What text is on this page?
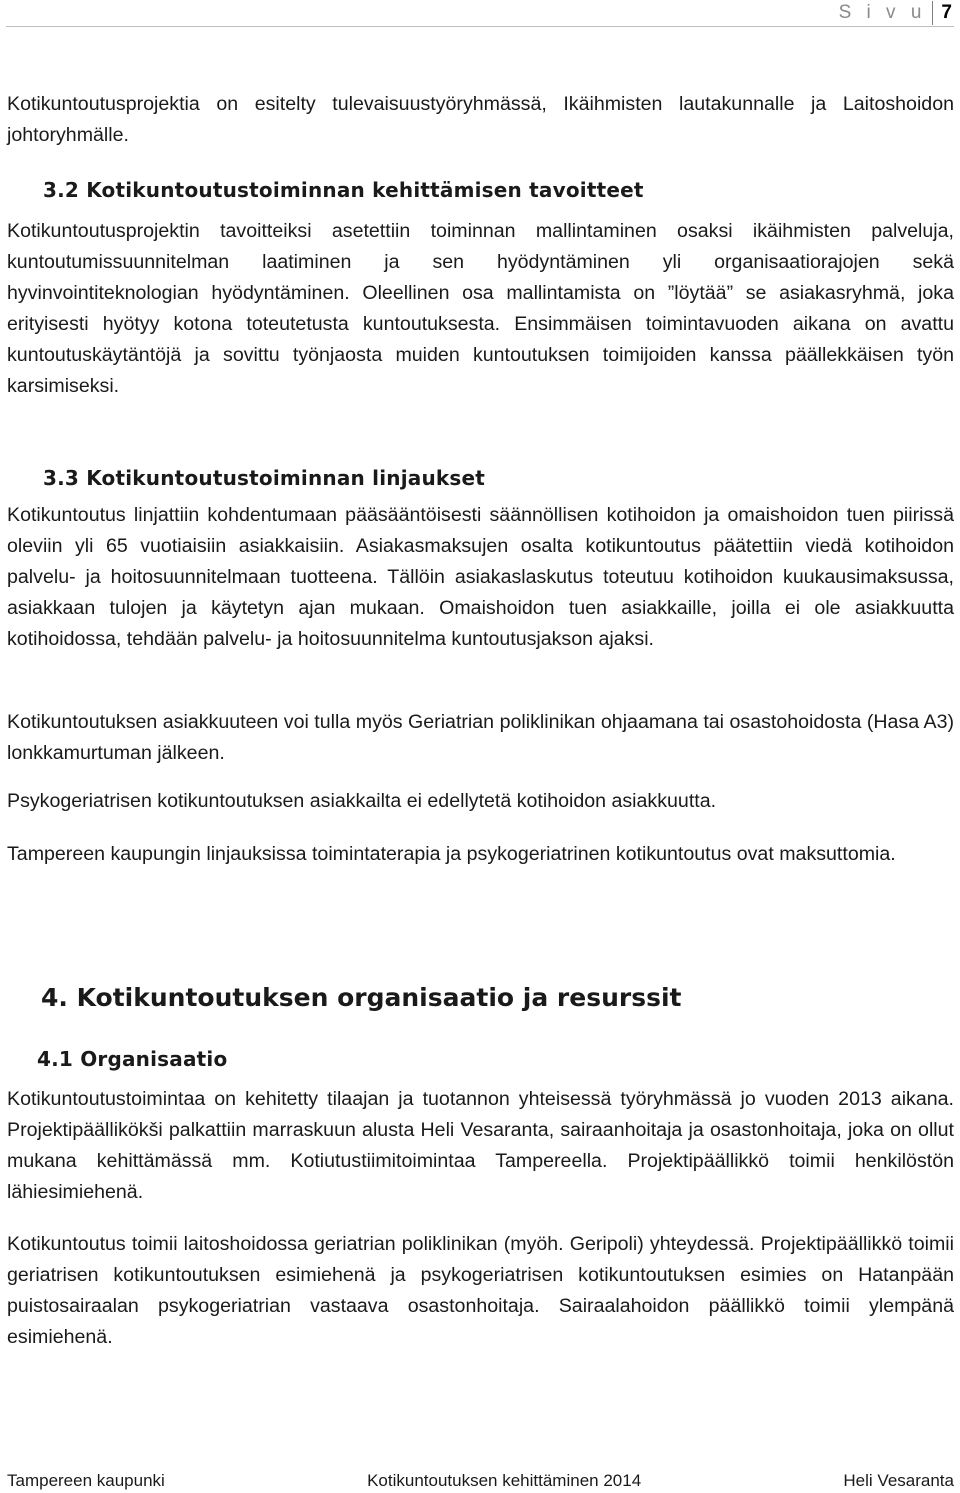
S i v u 7

Kotikuntoutusprojektia on esitelty tulevaisuustyöryhmässä, Ikäihmisten lautakunnalle ja Laitoshoidon johtoryhmälle.

3.2 Kotikuntoutustoiminnan kehittämisen tavoitteet

Kotikuntoutusprojektin tavoitteiksi asetettiin toiminnan mallintaminen osaksi ikäihmisten palveluja, kuntoutumissuunnitelman laatiminen ja sen hyödyntäminen yli organisaatiorajojen sekä hyvinvointiteknologian hyödyntäminen. Oleellinen osa mallintamista on ”löytää” se asiakasryhmä, joka erityisesti hyötyy kotona toteutetusta kuntoutuksesta. Ensimmäisen toimintavuoden aikana on avattu kuntoutuskäytäntöjä ja sovittu työnjaosta muiden kuntoutuksen toimijoiden kanssa päällekkäisen työn karsimiseksi.

3.3 Kotikuntoutustoiminnan linjaukset

Kotikuntoutus linjattiin kohdentumaan pääsääntöisesti säännöllisen kotihoidon ja omaishoidon tuen piirissä oleviin yli 65 vuotiaisiin asiakkaisiin. Asiakasmaksujen osalta kotikuntoutus päätettiin viedä kotihoidon palvelu- ja hoitosuunnitelmaan tuotteena. Tällöin asiakaslaskutus toteutuu kotihoidon kuukausimaksussa, asiakkaan tulojen ja käytetyn ajan mukaan. Omaishoidon tuen asiakkaille, joilla ei ole asiakkuutta kotihoidossa, tehdään palvelu- ja hoitosuunnitelma kuntoutusjakson ajaksi.

Kotikuntoutuksen asiakkuuteen voi tulla myös Geriatrian poliklinikan ohjaamana tai osastohoidosta (Hasa A3) lonkkamurtuman jälkeen.

Psykogeriatrisen kotikuntoutuksen asiakkailta ei edellytetä kotihoidon asiakkuutta.

Tampereen kaupungin linjauksissa toimintaterapia ja psykogeriatrinen kotikuntoutus ovat maksuttomia.

4. Kotikuntoutuksen organisaatio ja resurssit
4.1 Organisaatio

Kotikuntoutustoimintaa on kehitetty tilaajan ja tuotannon yhteisessä työryhmässä jo vuoden 2013 aikana. Projektipäällikökši palkattiin marraskuun alusta Heli Vesaranta, sairaanhoitaja ja osastonhoitaja, joka on ollut mukana kehittämässä mm. Kotiutustiimitoimintaa Tampereella. Projektipäällikkö toimii henkilöstön lähiesimiehenä.

Kotikuntoutus toimii laitoshoidossa geriatrian poliklinikan (myöh. Geripoli) yhteydessä. Projektipäällikkö toimii geriatrisen kotikuntoutuksen esimiehenä ja psykogeriatrisen kotikuntoutuksen esimies on Hatanpään puistosairaalan psykogeriatrian vastaava osastonhoitaja. Sairaalahoidon päällikkö toimii ylempänä esimiehenä.

Tampereen kaupunki	Kotikuntoutuksen kehittäminen 2014	Heli Vesaranta
